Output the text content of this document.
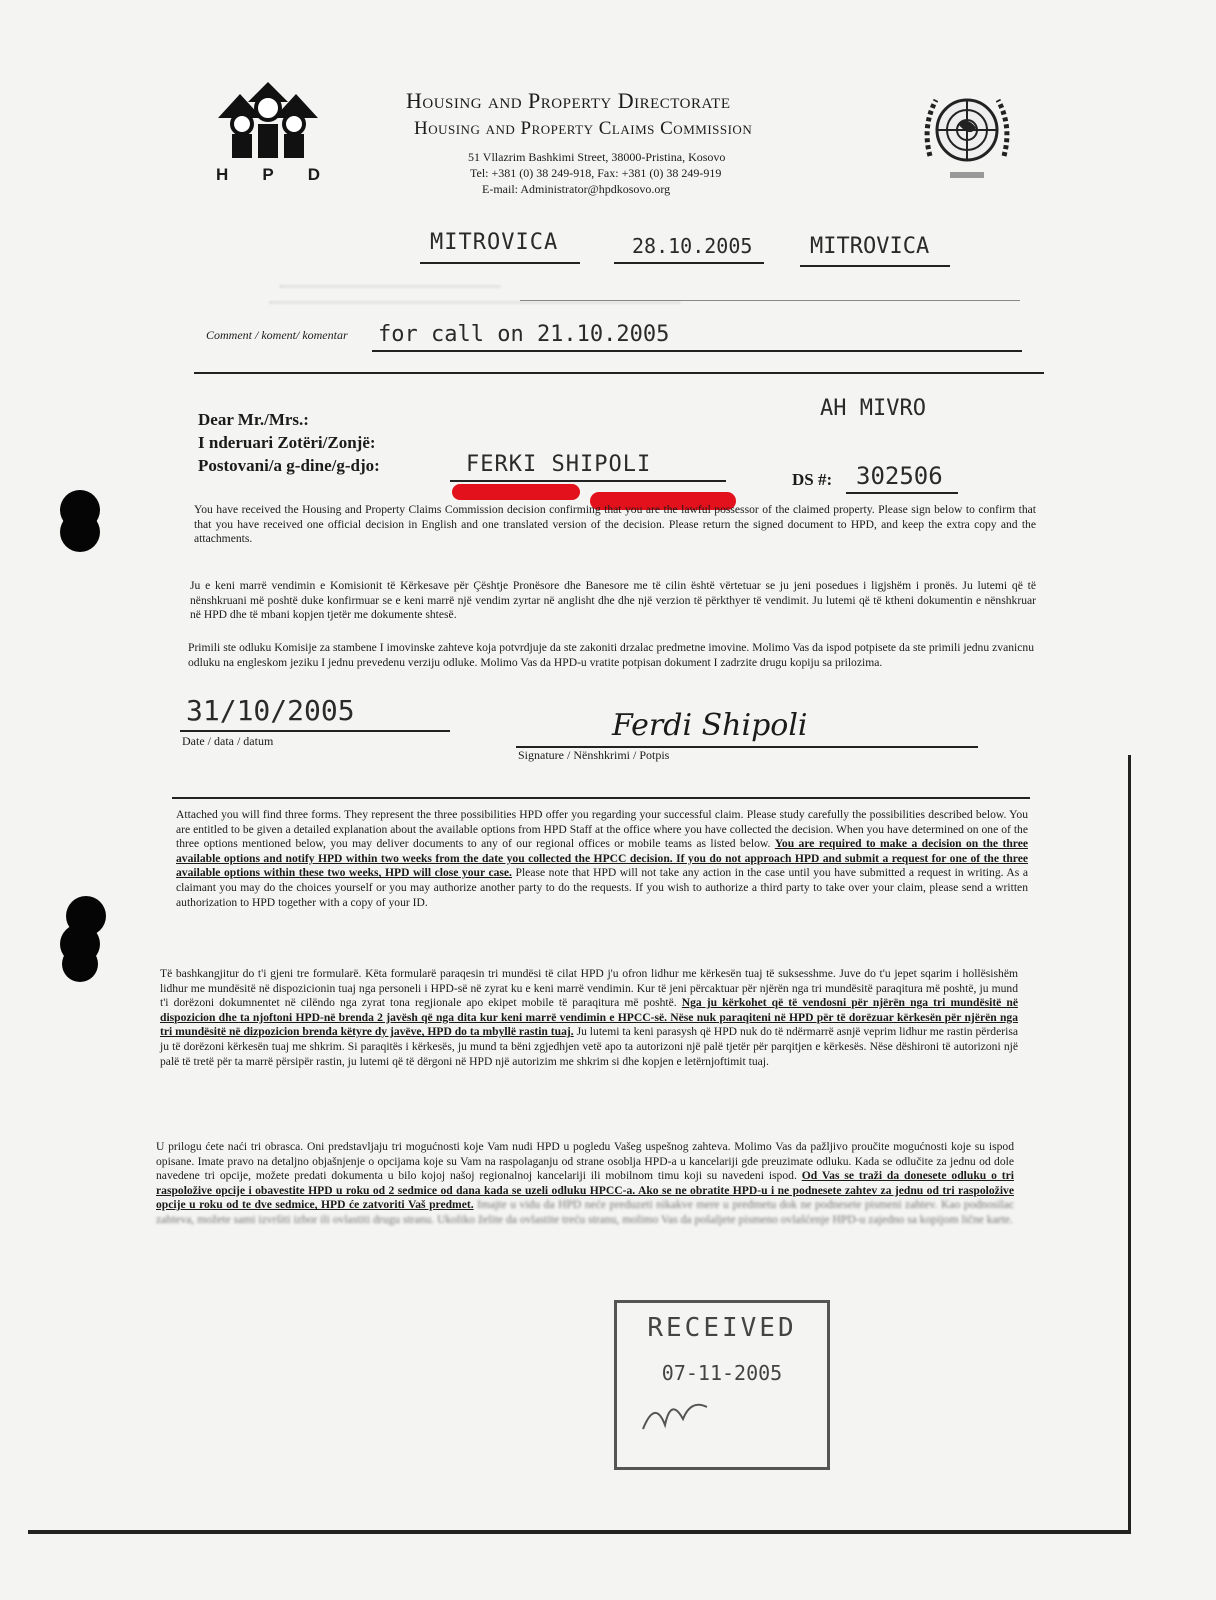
H P D
Housing and Property Directorate
Housing and Property Claims Commission
51 Vllazrim Bashkimi Street, 38000-Pristina, Kosovo
Tel: +381 (0) 38 249-918, Fax: +381 (0) 38 249-919
E-mail: Administrator@hpdkosovo.org
MITROVICA	28.10.2005	MITROVICA
Comment / koment/ komentar for call on 21.10.2005
Dear Mr./Mrs.:
I nderuari Zotëri/Zonjë:
Postovani/a g-dine/g-djo:
AH MIVRO
FERKI SHIPOLI
DS #: 302506
You have received the Housing and Property Claims Commission decision confirming that you are the lawful possessor of the claimed property. Please sign below to confirm that that you have received one official decision in English and one translated version of the decision. Please return the signed document to HPD, and keep the extra copy and the attachments.
Ju e keni marrë vendimin e Komisionit të Kërkesave për Çështje Pronësore dhe Banesore me të cilin është vërtetuar se ju jeni posedues i ligjshëm i pronës. Ju lutemi që të nënshkruani më poshtë duke konfirmuar se e keni marrë një vendim zyrtar në anglisht dhe dhe një verzion të përkthyer të vendimit. Ju lutemi që të ktheni dokumentin e nënshkruar në HPD dhe të mbani kopjen tjetër me dokumente shtesë.
Primili ste odluku Komisije za stambene I imovinske zahteve koja potvrdjuje da ste zakoniti drzalac predmetne imovine. Molimo Vas da ispod potpisete da ste primili jednu zvanicnu odluku na engleskom jeziku I jednu prevedenu verziju odluke. Molimo Vas da HPD-u vratite potpisan dokument I zadrzite drugu kopiju sa prilozima.
31/10/2005
Date / data / datum	Ferdi Shipoli
Signature / Nënshkrimi / Potpis
Attached you will find three forms. They represent the three possibilities HPD offer you regarding your successful claim. Please study carefully the possibilities described below. You are entitled to be given a detailed explanation about the available options from HPD Staff at the office where you have collected the decision. When you have determined on one of the three options mentioned below, you may deliver documents to any of our regional offices or mobile teams as listed below. You are required to make a decision on the three available options and notify HPD within two weeks from the date you collected the HPCC decision. If you do not approach HPD and submit a request for one of the three available options within these two weeks, HPD will close your case. Please note that HPD will not take any action in the case until you have submitted a request in writing. As a claimant you may do the choices yourself or you may authorize another party to do the requests. If you wish to authorize a third party to take over your claim, please send a written authorization to HPD together with a copy of your ID.
Të bashkangjitur do t'i gjeni tre formularë. Këta formularë paraqesin tri mundësi të cilat HPD j'u ofron lidhur me kërkesën tuaj të suksesshme. Juve do t'u jepet sqarim i hollësishëm lidhur me mundësitë në dispozicionin tuaj nga personeli i HPD-së në zyrat ku e keni marrë vendimin. Kur të jeni përcaktuar për njërën nga tri mundësitë paraqitura më poshtë, ju mund t'i dorëzoni dokumnentet në cilëndo nga zyrat tona regjionale apo ekipet mobile të paraqitura më poshtë. Nga ju kërkohet që të vendosni për njërën nga tri mundësitë në dispozicion dhe ta njoftoni HPD-në brenda 2 javësh që nga dita kur keni marrë vendimin e HPCC-së. Nëse nuk paraqiteni në HPD për të dorëzuar kërkesën për njërën nga tri mundësitë në dizpozicion brenda këtyre dy javëve, HPD do ta mbyllë rastin tuaj. Ju lutemi ta keni parasysh që HPD nuk do të ndërmarrë asnjë veprim lidhur me rastin përderisa ju të dorëzoni kërkesën tuaj me shkrim. Si paraqitës i kërkesës, ju mund ta bëni zgjedhjen vetë apo ta autorizoni një palë tjetër për parqitjen e kërkesës. Nëse dëshironi të autorizoni një palë të tretë për ta marrë përsipër rastin, ju lutemi që të dërgoni në HPD një autorizim me shkrim si dhe kopjen e letërnjoftimit tuaj.
U prilogu ćete naći tri obrasca. Oni predstavljaju tri mogućnosti koje Vam nudi HPD u pogledu Vašeg uspešnog zahteva. Molimo Vas da pažljivo proučite mogućnosti koje su ispod opisane. Imate pravo na detaljno objašnjenje o opcijama koje su Vam na raspolaganju od strane osoblja HPD-a u kancelariji gde preuzimate odluku. Kada se odlučite za jednu od dole navedene tri opcije, možete predati dokumenta u bilo kojoj našoj regionalnoj kancelariji ili mobilnom timu koji su navedeni ispod. Od Vas se traži da donesete odluku o tri raspoložive opcije i obavestite HPD u roku od 2 sedmice od dana kada se uzeli odluku HPCC-a. Ako se ne obratite HPD-u i ne podnesete zahtev za jednu od tri raspoložive opcije u roku od te dve sedmice, HPD će zatvoriti Vaš predmet. Imajte u vidu da HPD neće preduzeti nikakve mere u predmetu dok ne podnesete pismeni zahtev. Kao podnosilac zahteva, možete sami izvršiti izbor ili ovlastiti drugu stranu. Ukoliko želite da ovlastite treću stranu, molimo Vas da pošaljete pismeno ovlašćenje HPD-u zajedno sa kopijom lične karte.
RECEIVED
07-11-2005
